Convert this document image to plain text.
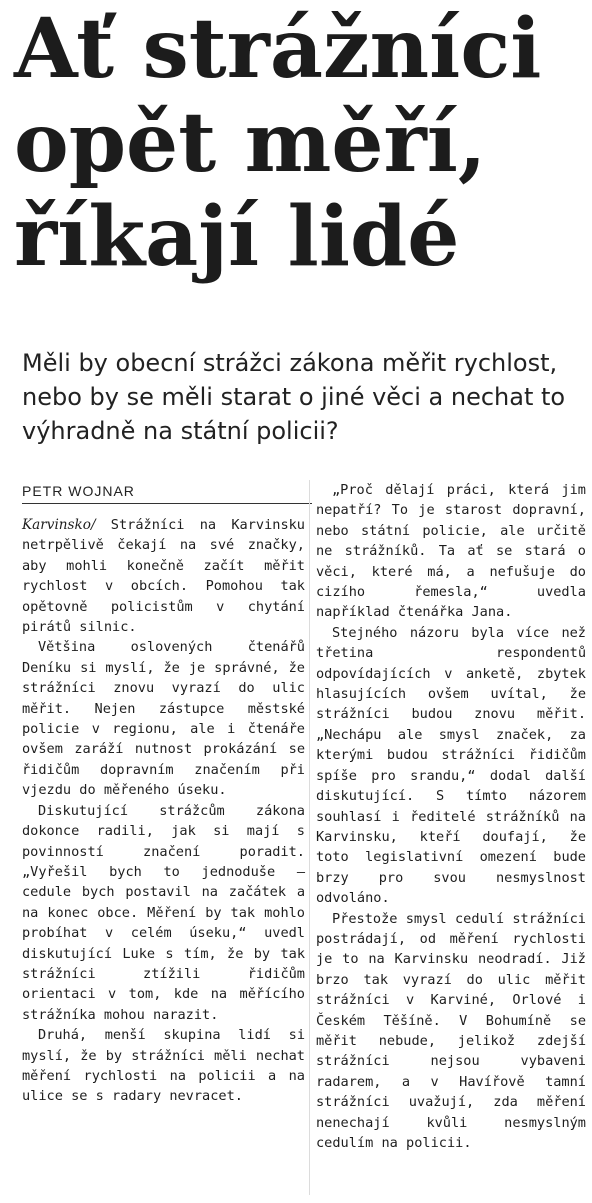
Ať strážníci
opět měří,
říkají lidé

Měli by obecní strážci zákona měřit rychlost, nebo by se měli starat o jiné věci a nechat to výhradně na státní policii?

PETR WOJNAR

Karvinsko/ Strážníci na Karvinsku netrpělivě čekají na své značky, aby mohli konečně začít měřit rychlost v obcích. Pomohou tak opětovně policistům v chytání pirátů silnic.

Většina oslovených čtenářů Deníku si myslí, že je správné, že strážníci znovu vyrazí do ulic měřit. Nejen zástupce městské policie v regionu, ale i čtenáře ovšem zaráží nutnost prokázání se řidičům dopravním značením při vjezdu do měřeného úseku.

Diskutující strážcům zákona dokonce radili, jak si mají s povinností značení poradit. „Vyřešil bych to jednoduše – cedule bych postavil na začátek a na konec obce. Měření by tak mohlo probíhat v celém úseku,“ uvedl diskutující Luke s tím, že by tak strážníci ztížili řidičům orientaci v tom, kde na měřícího strážníka mohou narazit.

Druhá, menší skupina lidí si myslí, že by strážníci měli nechat měření rychlosti na policii a na ulice se s radary nevracet.

„Proč dělají práci, která jim nepatří? To je starost dopravní, nebo státní policie, ale určitě ne strážníků. Ta ať se stará o věci, které má, a nefušuje do cizího řemesla,“ uvedla například čtenářka Jana.

Stejného názoru byla více než třetina respondentů odpovídajících v anketě, zbytek hlasujících ovšem uvítal, že strážníci budou znovu měřit. „Nechápu ale smysl značek, za kterými budou strážníci řidičům spíše pro srandu,“ dodal další diskutující. S tímto názorem souhlasí i ředitelé strážníků na Karvinsku, kteří doufají, že toto legislativní omezení bude brzy pro svou nesmyslnost odvoláno.

Přestože smysl cedulí strážníci postrádají, od měření rychlosti je to na Karvinsku neodradí. Již brzo tak vyrazí do ulic měřit strážníci v Karviné, Orlové i Českém Těšíně. V Bohumíně se měřit nebude, jelikož zdejší strážníci nejsou vybaveni radarem, a v Havířově tamní strážníci uvažují, zda měření nenechají kvůli nesmyslným cedulím na policii.
